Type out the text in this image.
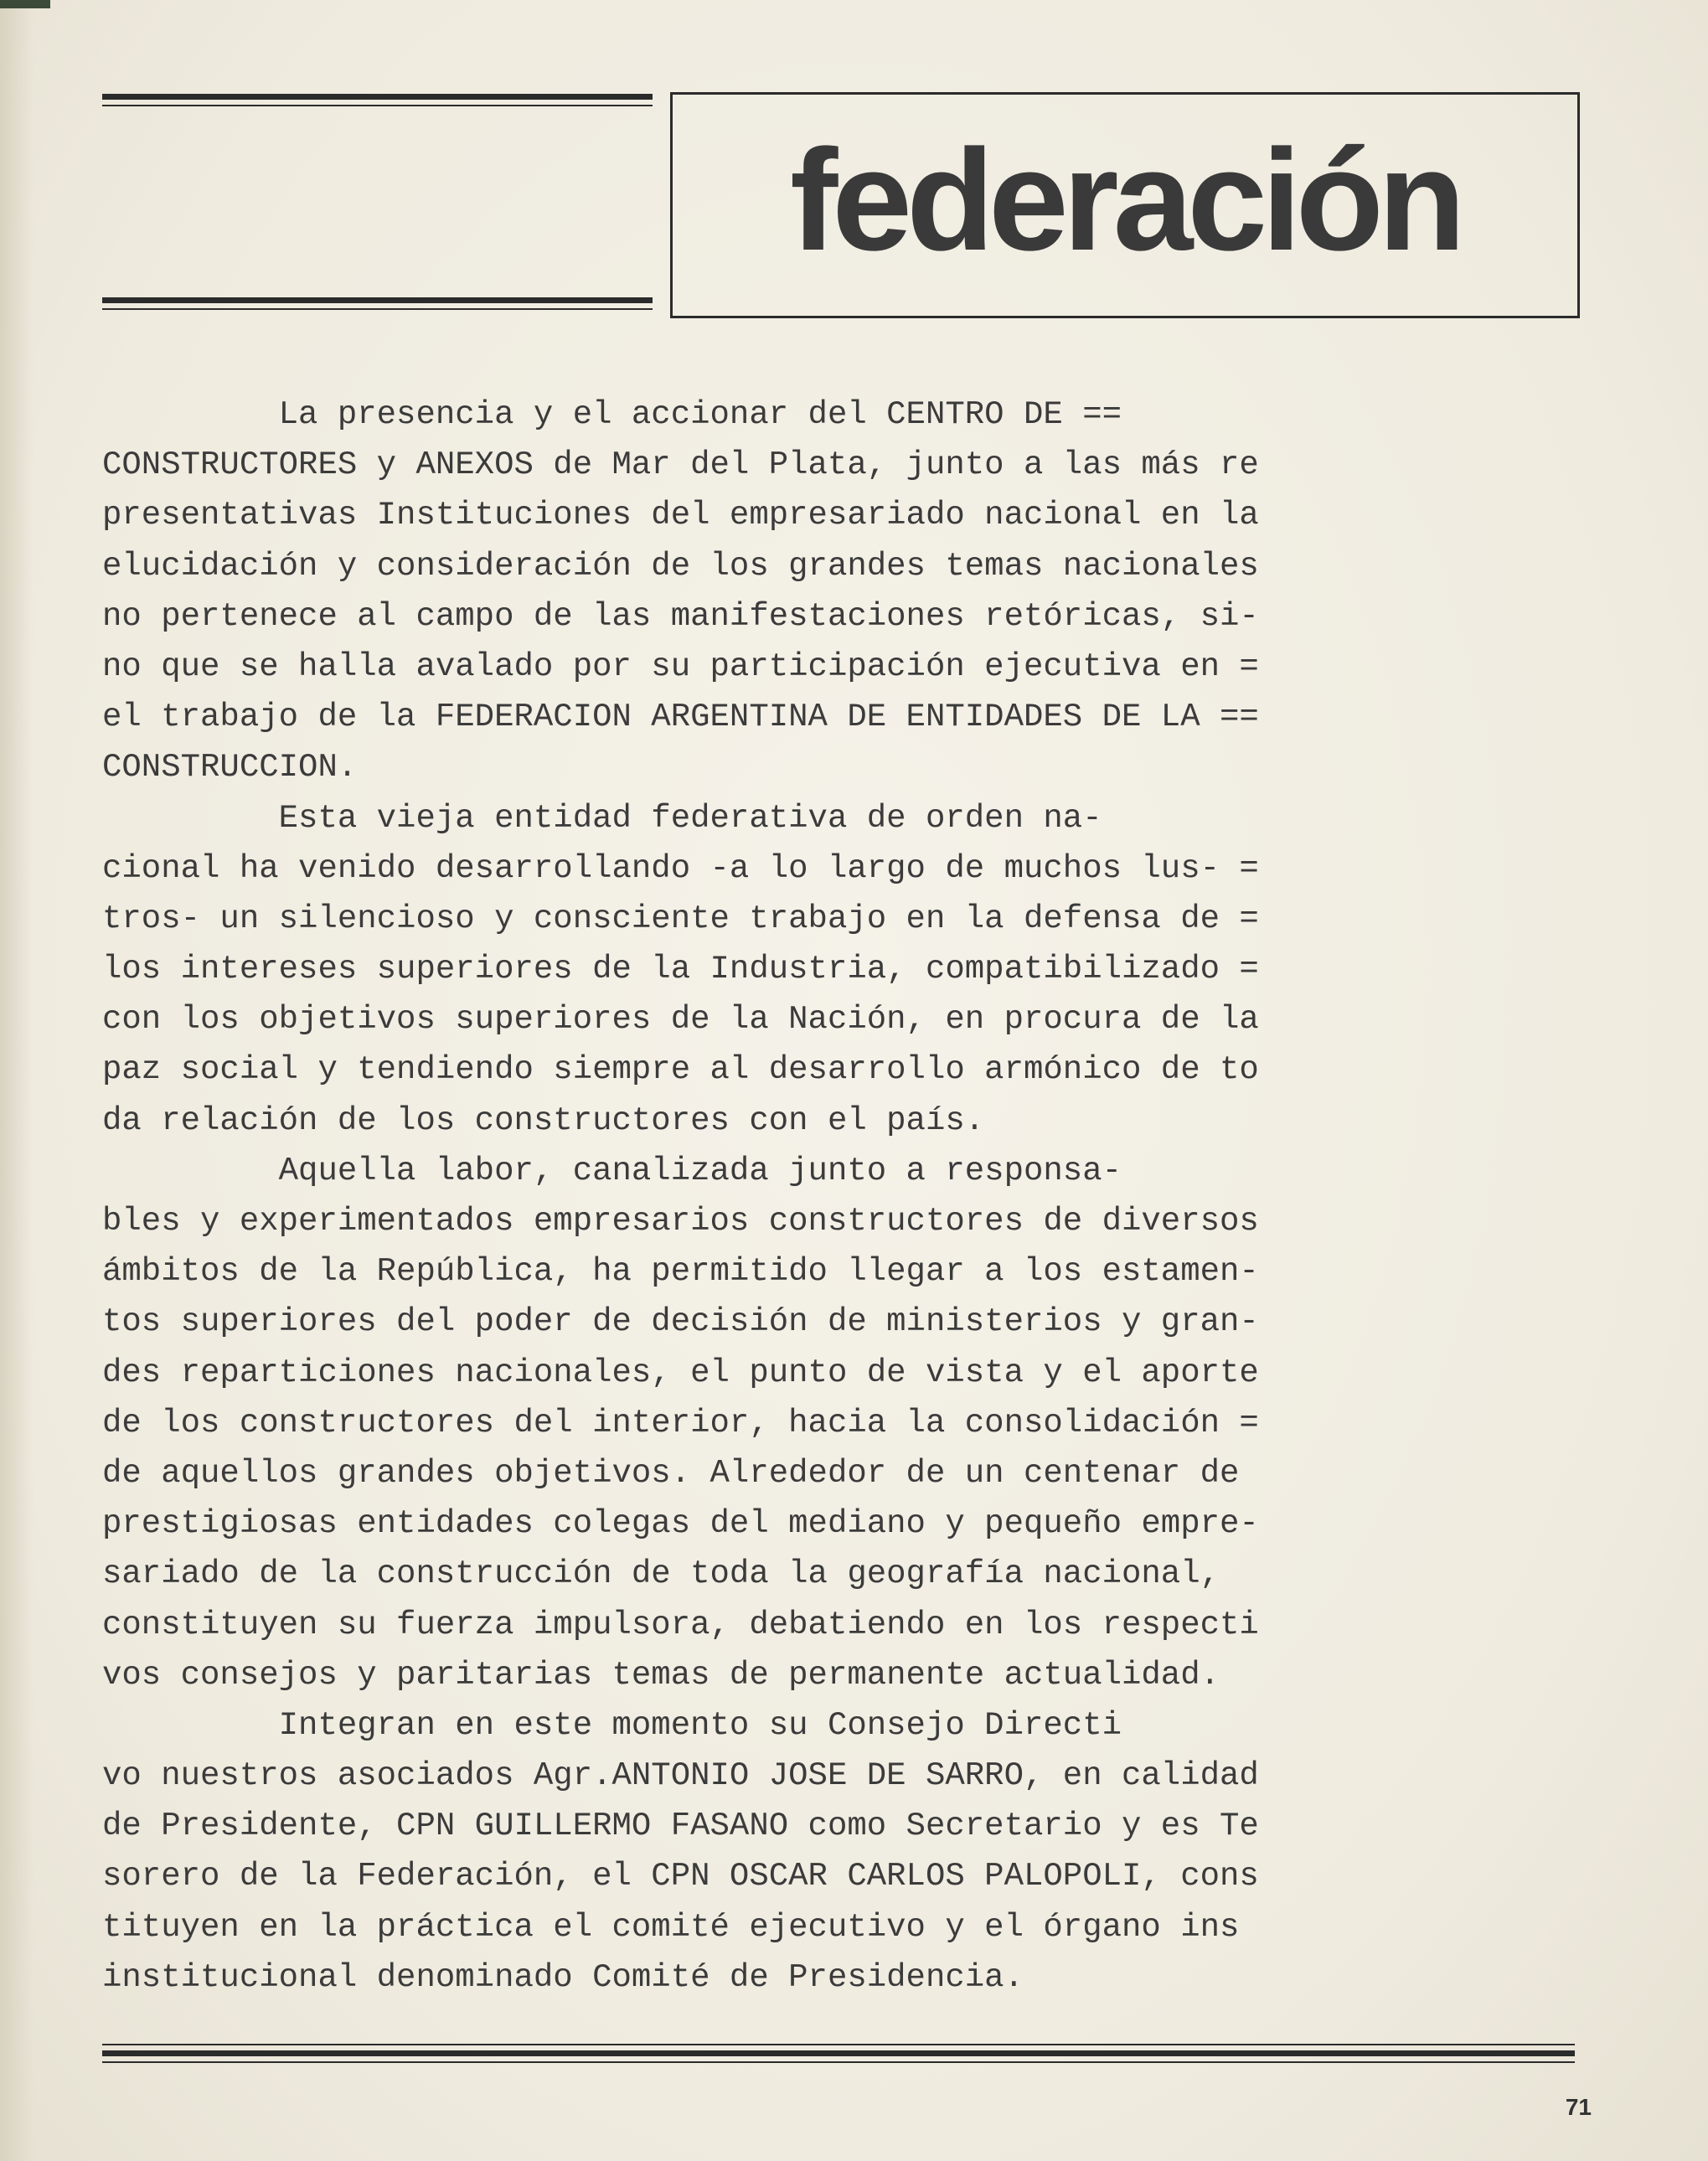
federación
La presencia y el accionar del CENTRO DE ==
CONSTRUCTORES y ANEXOS de Mar del Plata, junto a las más re
presentativas Instituciones del empresariado nacional en la
elucidación y consideración de los grandes temas nacionales
no pertenece al campo de las manifestaciones retóricas, si-
no que se halla avalado por su participación ejecutiva en =
el trabajo de la FEDERACION ARGENTINA DE ENTIDADES DE LA ==
CONSTRUCCION.
Esta vieja entidad federativa de orden na-
cional ha venido desarrollando -a lo largo de muchos lus- =
tros- un silencioso y consciente trabajo en la defensa de =
los intereses superiores de la Industria, compatibilizado =
con los objetivos superiores de la Nación, en procura de la
paz social y tendiendo siempre al desarrollo armónico de to
da relación de los constructores con el país.
Aquella labor, canalizada junto a responsa-
bles y experimentados empresarios constructores de diversos
ámbitos de la República, ha permitido llegar a los estamen-
tos superiores del poder de decisión de ministerios y gran-
des reparticiones nacionales, el punto de vista y el aporte
de los constructores del interior, hacia la consolidación =
de aquellos grandes objetivos. Alrededor de un centenar de
prestigiosas entidades colegas del mediano y pequeño empre-
sariado de la construcción de toda la geografía nacional,
constituyen su fuerza impulsora, debatiendo en los respecti
vos consejos y paritarias temas de permanente actualidad.
Integran en este momento su Consejo Directi
vo nuestros asociados Agr.ANTONIO JOSE DE SARRO, en calidad
de Presidente, CPN GUILLERMO FASANO como Secretario y es Te
sorero de la Federación, el CPN OSCAR CARLOS PALOPOLI, cons
tituyen en la práctica el comité ejecutivo y el órgano ins
institucional denominado Comité de Presidencia.
71
